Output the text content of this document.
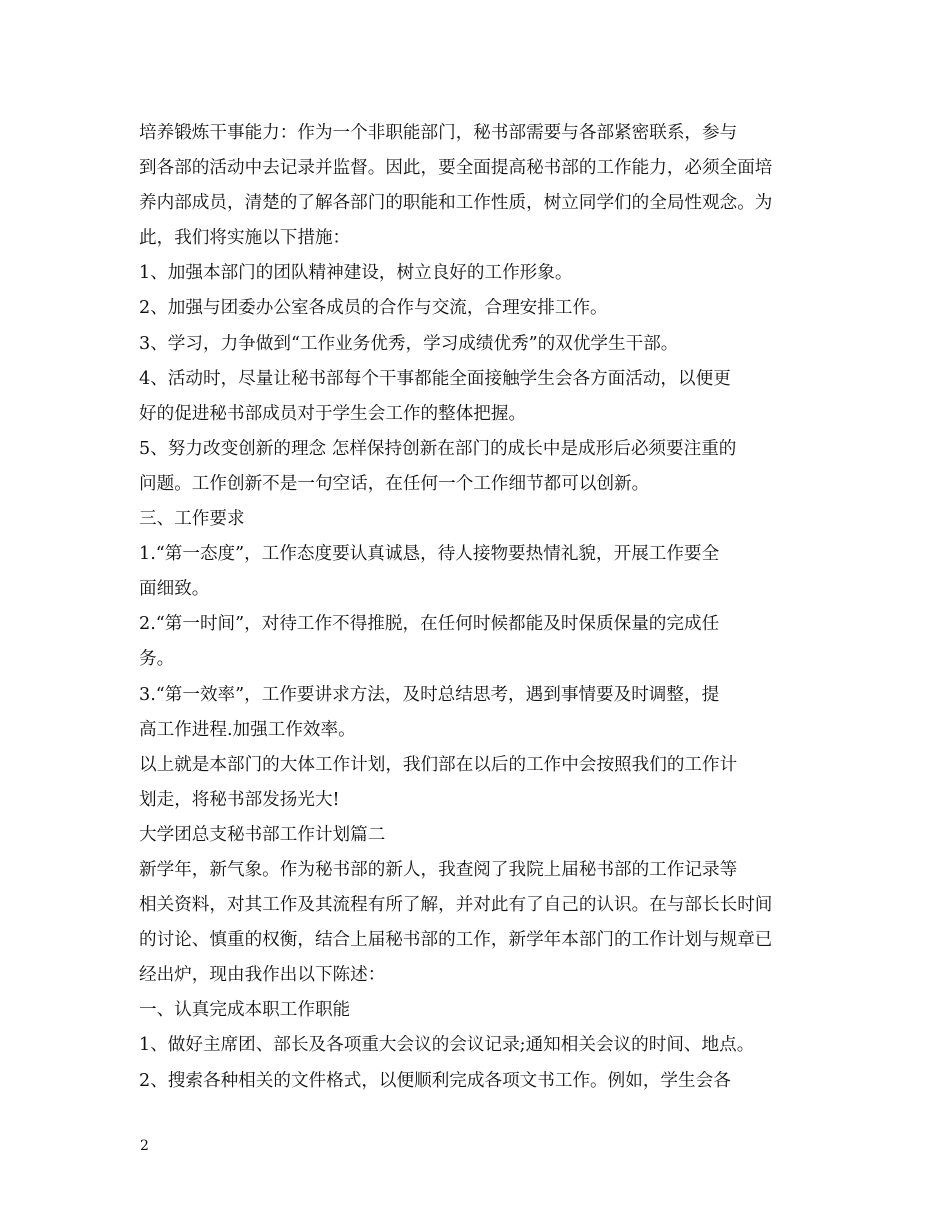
培养锻炼干事能力：作为一个非职能部门，秘书部需要与各部紧密联系，参与
到各部的活动中去记录并监督。因此，要全面提高秘书部的工作能力，必须全面培
养内部成员，清楚的了解各部门的职能和工作性质，树立同学们的全局性观念。为
此，我们将实施以下措施：

1、加强本部门的团队精神建设，树立良好的工作形象。

2、加强与团委办公室各成员的合作与交流，合理安排工作。

3、学习，力争做到“工作业务优秀，学习成绩优秀”的双优学生干部。

4、活动时，尽量让秘书部每个干事都能全面接触学生会各方面活动，以便更
好的促进秘书部成员对于学生会工作的整体把握。

5、努力改变创新的理念 怎样保持创新在部门的成长中是成形后必须要注重的
问题。工作创新不是一句空话，在任何一个工作细节都可以创新。

三、工作要求

1.“第一态度”，工作态度要认真诚恳，待人接物要热情礼貌，开展工作要全
面细致。

2.“第一时间”，对待工作不得推脱，在任何时候都能及时保质保量的完成任
务。

3.“第一效率”，工作要讲求方法，及时总结思考，遇到事情要及时调整，提
高工作进程.加强工作效率。

以上就是本部门的大体工作计划，我们部在以后的工作中会按照我们的工作计
划走，将秘书部发扬光大!

大学团总支秘书部工作计划篇二

新学年，新气象。作为秘书部的新人，我查阅了我院上届秘书部的工作记录等
相关资料，对其工作及其流程有所了解，并对此有了自己的认识。在与部长长时间
的讨论、慎重的权衡，结合上届秘书部的工作，新学年本部门的工作计划与规章已
经出炉，现由我作出以下陈述：

一、认真完成本职工作职能

1、做好主席团、部长及各项重大会议的会议记录;通知相关会议的时间、地点。

2、搜索各种相关的文件格式，以便顺利完成各项文书工作。例如，学生会各

2
